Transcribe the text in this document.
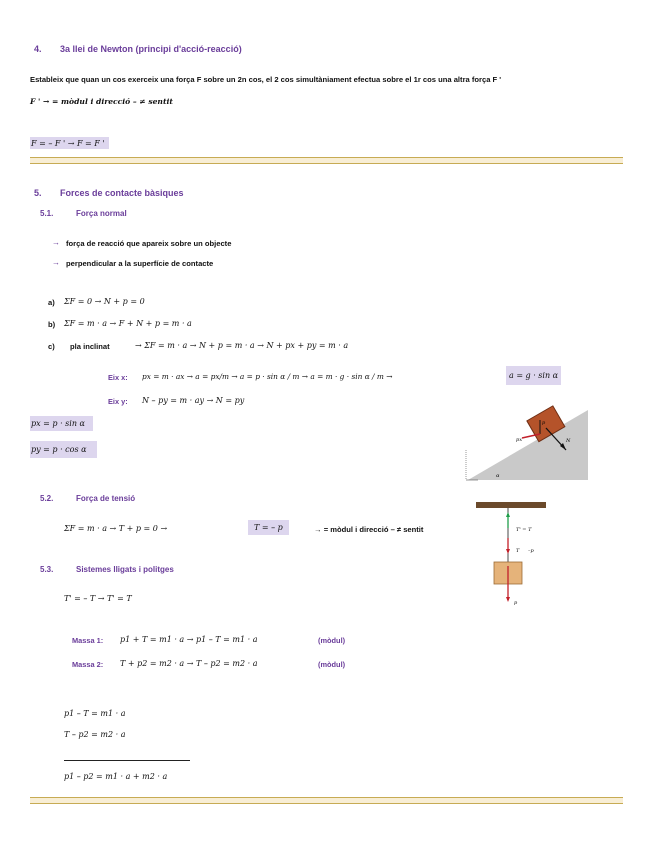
4. 3a llei de Newton (principi d'acció-reacció)
Estableix que quan un cos exerceix una força F sobre un 2n cos, el 2 cos simultàniament efectua sobre el 1r cos una altra força F '
F ' → = mòdul i direcció – ≠ sentit
F = – F ' → F = F '
5. Forces de contacte bàsiques
5.1.	Força normal
→ força de reacció que apareix sobre un objecte
→ perpendicular a la superfície de contacte
a) ΣF = 0 → N + p = 0
b) ΣF = m · a → F + N + p = m · a
c) pla inclinat	→ ΣF = m · a → N + p = m · a → N + px + py = m · a
Eix x: px = m · ax → a = px/m → a = p · sin α / m → a = m · g · sin α / m →	a = g · sin α
Eix y: N – py = m · ay → N = py
px = p · sin α
py = p · cos α
N
p
px
α
5.2.	Força de tensió
ΣF = m · a → T + p = 0 →	T = – p	→ = mòdul i direcció – ≠ sentit	T' = T
T –p
p
5.3.	Sistemes lligats i politges
T' = – T → T' = T
Massa 1: p1 + T = m1 · a → p1 – T = m1 · a	(mòdul)
Massa 2: T + p2 = m2 · a → T – p2 = m2 · a	(mòdul)
p1 – T = m1 · a
T – p2 = m2 · a
p1 – p2 = m1 · a + m2 · a
